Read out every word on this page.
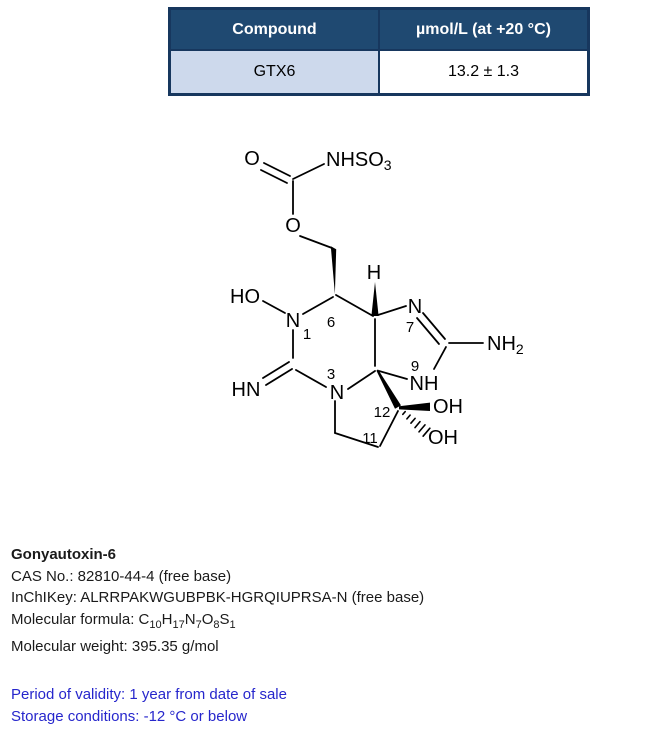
Compound	µmol/L (at +20 °C)
GTX6	13.2 ± 1.3
O	$NHSO_3$
O
HO
N
1
6
H
N
7
$NH_2$
9
NH
HN	N
3
12
11
OH
OH
Gonyautoxin-6
CAS No.: 82810-44-4 (free base)
InChIKey: ALRRPAKWGUBPBK-HGRQIUPRSA-N (free base)
Molecular formula: $C_{10}H_{17}N_7O_8S_1$
Molecular weight: 395.35 g/mol
Period of validity: 1 year from date of sale
Storage conditions: -12 °C or below
